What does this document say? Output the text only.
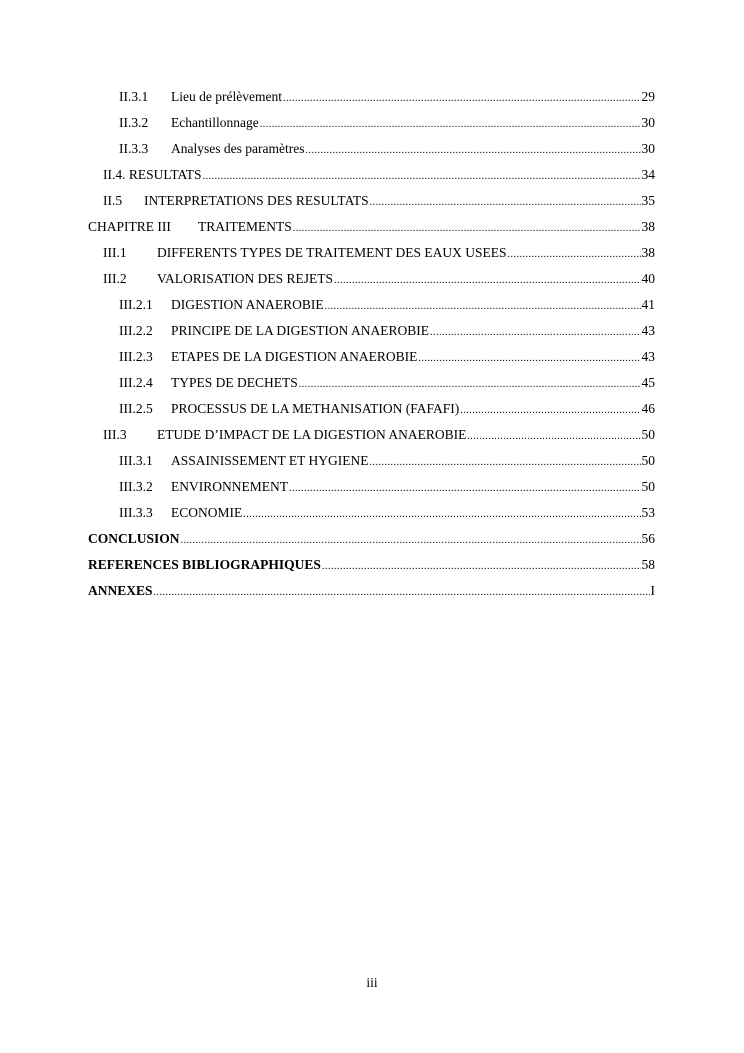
II.3.1	Lieu de prélèvement .....	29
II.3.2	Echantillonnage .....	30
II.3.3	Analyses des paramètres .....	30
II.4. RESULTATS .....	34
II.5	INTERPRETATIONS DES RESULTATS .....	35
CHAPITRE III	TRAITEMENTS .....	38
III.1	DIFFERENTS TYPES DE TRAITEMENT DES EAUX USEES .....	38
III.2	VALORISATION DES REJETS .....	40
III.2.1	DIGESTION ANAEROBIE .....	41
III.2.2	PRINCIPE DE LA DIGESTION ANAEROBIE .....	43
III.2.3	ETAPES DE LA DIGESTION ANAEROBIE .....	43
III.2.4	TYPES DE DECHETS .....	45
III.2.5	PROCESSUS DE LA METHANISATION (FAFAFI) .....	46
III.3	ETUDE D’IMPACT DE LA DIGESTION ANAEROBIE .....	50
III.3.1	ASSAINISSEMENT ET HYGIENE .....	50
III.3.2	ENVIRONNEMENT .....	50
III.3.3	ECONOMIE .....	53
CONCLUSION .....	56
REFERENCES BIBLIOGRAPHIQUES .....	58
ANNEXES .....	I
iii
